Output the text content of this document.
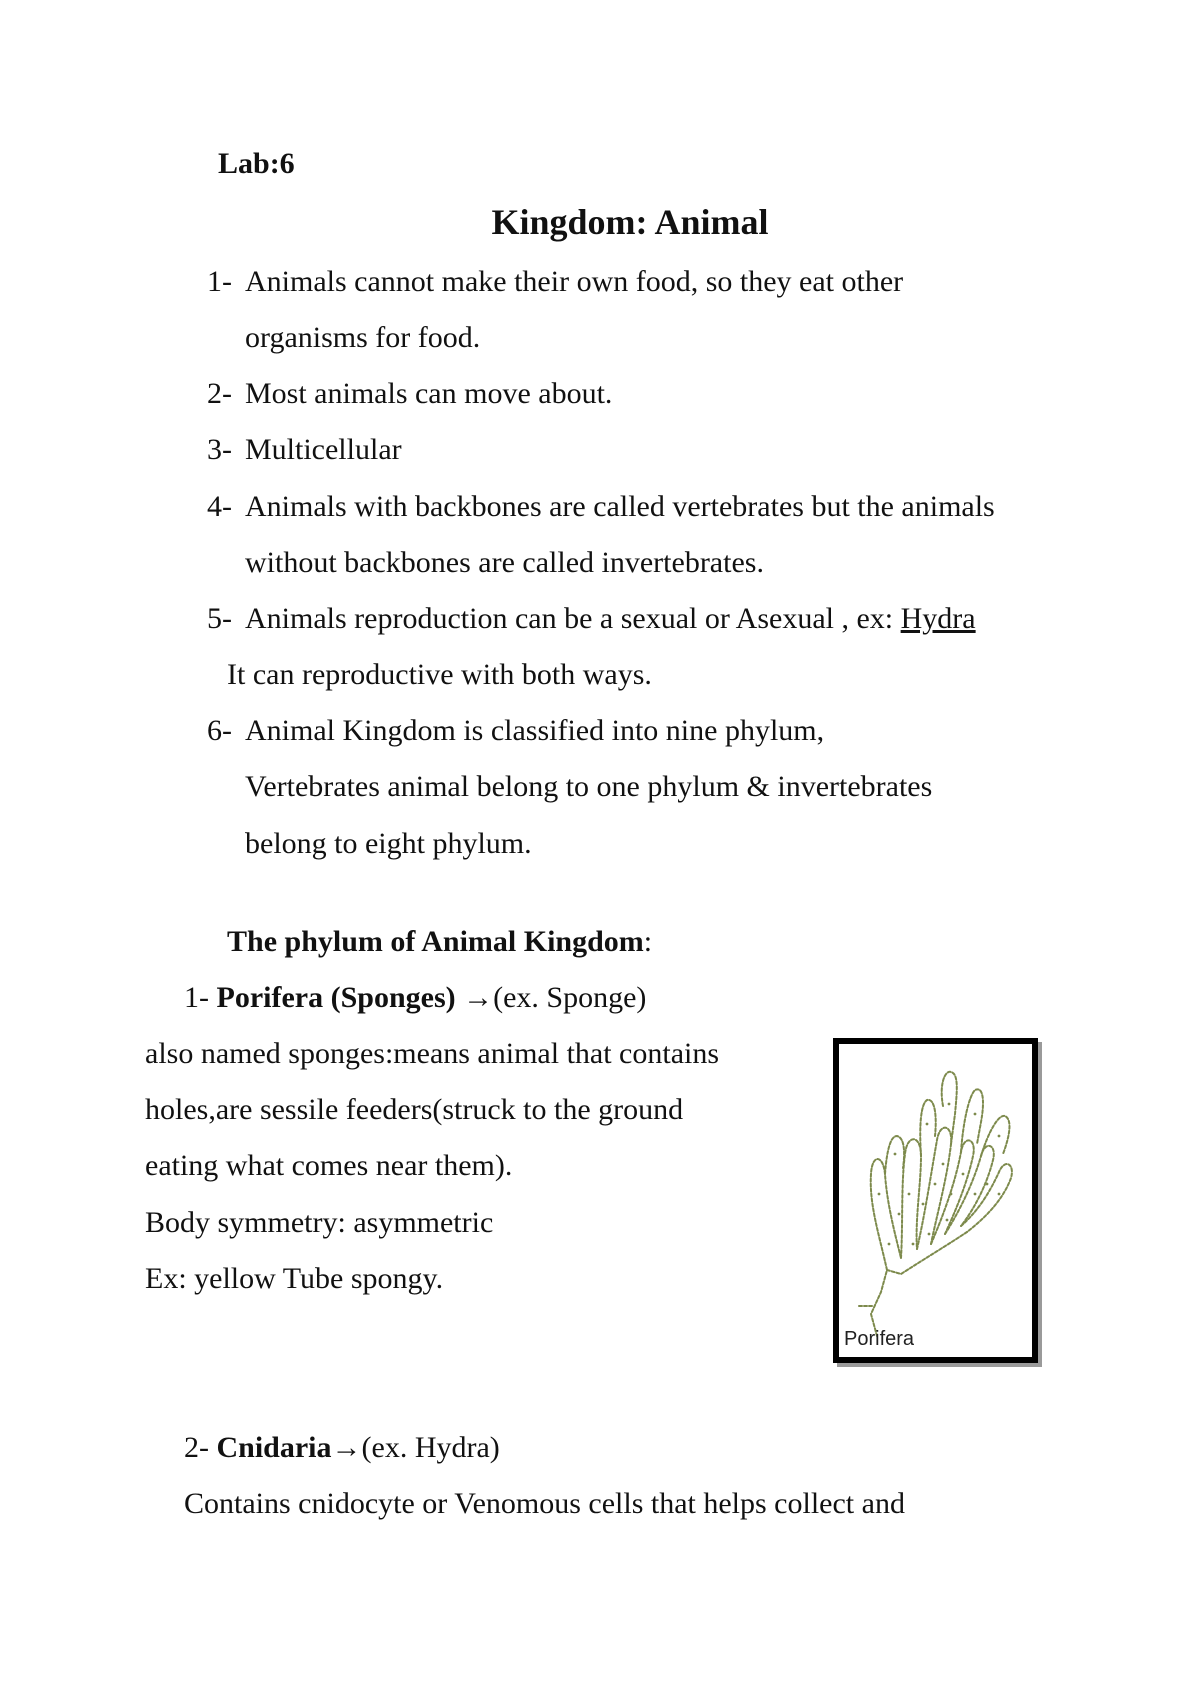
Lab:6
Kingdom: Animal
1- Animals cannot make their own food, so they eat other
organisms for food.
2- Most animals can move about.
3- Multicellular
4- Animals with backbones are called vertebrates but the animals
without backbones are called invertebrates.
5- Animals reproduction can be a sexual or Asexual , ex: Hydra
It can reproductive with both ways.
6- Animal Kingdom is classified into nine phylum,
Vertebrates animal belong to one phylum & invertebrates
belong to eight phylum.
The phylum of Animal Kingdom:
1- Porifera (Sponges) →(ex. Sponge)
also named sponges:means animal that contains
holes,are sessile feeders(struck to the ground
eating what comes near them).
Body symmetry: asymmetric
Ex: yellow Tube spongy.
Porifera
2- Cnidaria→(ex. Hydra)
Contains cnidocyte or Venomous cells that helps collect and
